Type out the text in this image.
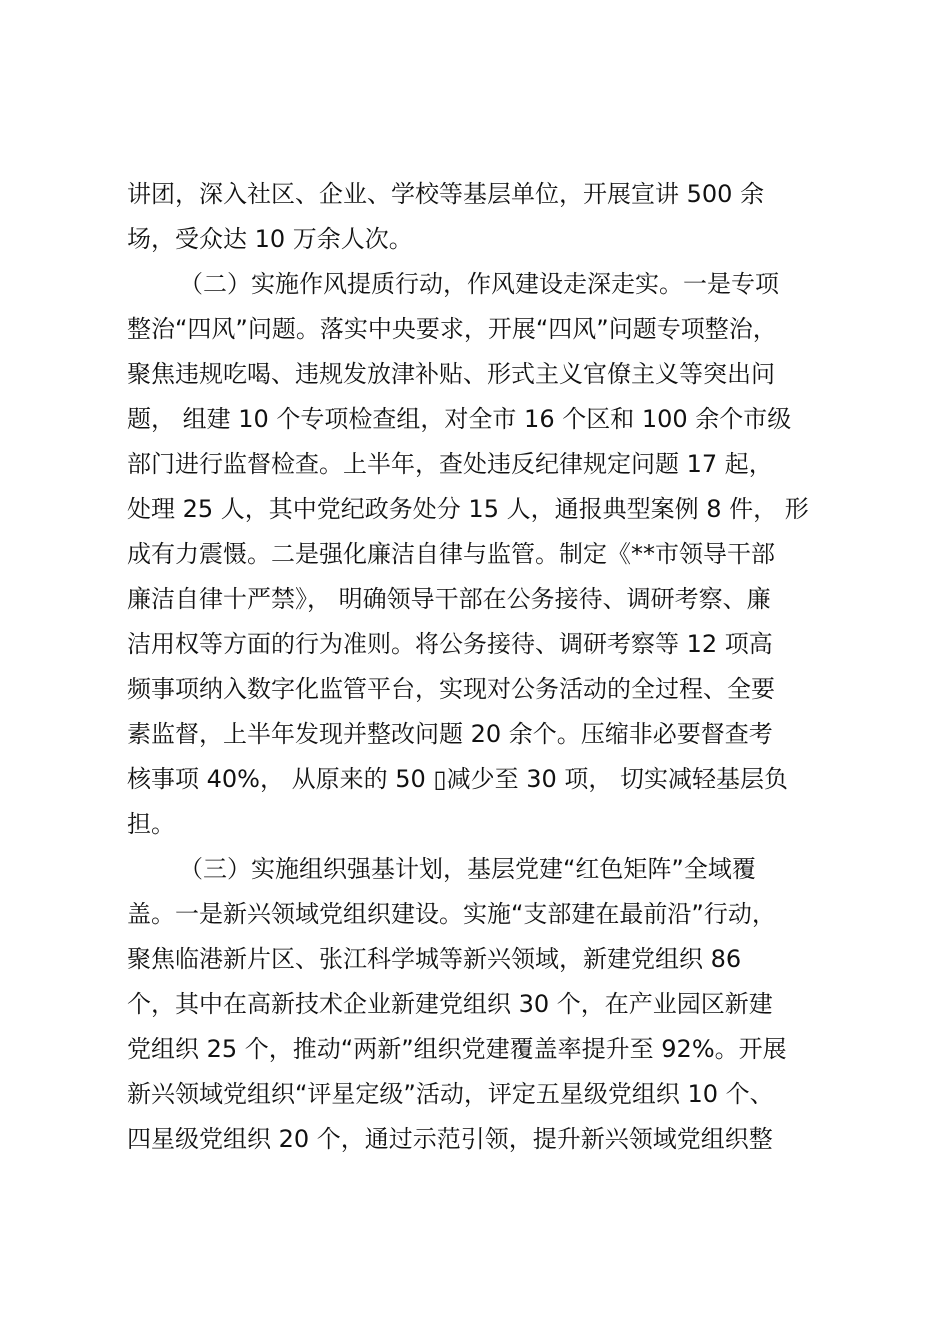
讲团，深入社区、企业、学校等基层单位，开展宣讲 500 余
场，受众达 10 万余人次。
（二）实施作风提质行动，作风建设走深走实。一是专项
整治“四风”问题。落实中央要求，开展“四风”问题专项整治，
聚焦违规吃喝、违规发放津补贴、形式主义官僚主义等突出问
题， 组建 10 个专项检查组，对全市 16 个区和 100 余个市级
部门进行监督检查。上半年，查处违反纪律规定问题 17 起，
处理 25 人，其中党纪政务处分 15 人，通报典型案例 8 件， 形
成有力震慑。二是强化廉洁自律与监管。制定《**市领导干部
廉洁自律十严禁》， 明确领导干部在公务接待、调研考察、廉
洁用权等方面的行为准则。将公务接待、调研考察等 12 项高
频事项纳入数字化监管平台，实现对公务活动的全过程、全要
素监督，上半年发现并整改问题 20 余个。压缩非必要督查考
核事项 40%， 从原来的 50 ▯减少至 30 项， 切实减轻基层负
担。
（三）实施组织强基计划，基层党建“红色矩阵”全域覆
盖。一是新兴领域党组织建设。实施“支部建在最前沿”行动，
聚焦临港新片区、张江科学城等新兴领域，新建党组织 86
个，其中在高新技术企业新建党组织 30 个，在产业园区新建
党组织 25 个，推动“两新”组织党建覆盖率提升至 92%。开展
新兴领域党组织“评星定级”活动，评定五星级党组织 10 个、
四星级党组织 20 个，通过示范引领，提升新兴领域党组织整
